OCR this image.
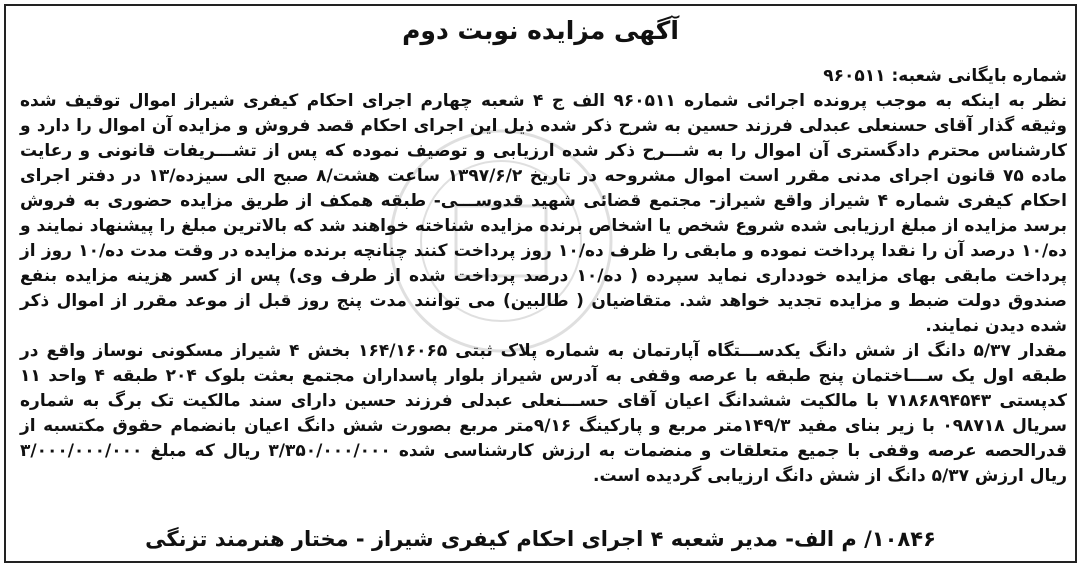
آگهی مزایده نوبت دوم

شماره بایگانی شعبه: ۹۶۰۵۱۱

نظر به اینکه به موجب پرونده اجرائی شماره ۹۶۰۵۱۱ الف ج ۴ شعبه چهارم اجرای احکام کیفری شیراز اموال توقیف شده وثیقه گذار آقای حسنعلی عبدلی فرزند حسین به شرح ذکر شده ذیل این اجرای احکام قصد فروش و مزایده آن اموال را دارد و کارشناس محترم دادگستری آن اموال را به شـــرح ذکر شده ارزیابی و توصیف نموده که پس از تشـــریفات قانونی و رعایت ماده ۷۵ قانون اجرای مدنی مقرر است اموال مشروحه در تاریخ ۱۳۹۷/۶/۲ ساعت هشت/۸ صبح الی سیزده/۱۳ در دفتر اجرای احکام کیفری شماره ۴ شیراز واقع شیراز- مجتمع قضائی شهید قدوســـی- طبقه همکف از طریق مزایده حضوری به فروش برسد مزایده از مبلغ ارزیابی شده شروع شخص یا اشخاص برنده مزایده شناخته خواهند شد که بالاترین مبلغ را پیشنهاد نمایند و ده/۱۰ درصد آن را نقدا پرداخت نموده و مابقی را ظرف ده/۱۰ روز پرداخت کنند چنانچه برنده مزایده در وقت مدت ده/۱۰ روز از پرداخت مابقی بهای مزایده خودداری نماید سپرده ( ده/۱۰ درصد پرداخت شده از طرف وی) پس از کسر هزینه مزایده بنفع صندوق دولت ضبط و مزایده تجدید خواهد شد. متقاضیان ( طالبین) می توانند مدت پنج روز قبل از موعد مقرر از اموال ذکر شده دیدن نمایند.

مقدار ۵/۳۷ دانگ از شش دانگ یکدســـتگاه آپارتمان به شماره پلاک ثبتی ۱۶۴/۱۶۰۶۵ بخش ۴ شیراز مسکونی نوساز واقع در طبقه اول یک ســـاختمان پنج طبقه با عرصه وقفی به آدرس شیراز بلوار پاسداران مجتمع بعثت بلوک ۲۰۴ طبقه ۴ واحد ۱۱ کدپستی ۷۱۸۶۸۹۴۵۴۳ با مالکیت ششدانگ اعیان آقای حســـنعلی عبدلی فرزند حسین دارای سند مالکیت تک برگ به شماره سریال ۰۹۸۷۱۸ با زیر بنای مفید ۱۴۹/۳متر مربع و پارکینگ ۹/۱۶متر مربع بصورت شش دانگ اعیان بانضمام حقوق مکتسبه از قدرالحصه عرصه وقفی با جمیع متعلقات و منضمات به ارزش کارشناسی شده ۳/۳۵۰/۰۰۰/۰۰۰ ریال که مبلغ ۳/۰۰۰/۰۰۰/۰۰۰ ریال ارزش ۵/۳۷ دانگ از شش دانگ ارزیابی گردیده است.

۱۰۸۴۶/ م الف- مدیر شعبه ۴ اجرای احکام کیفری شیراز - مختار هنرمند تزنگی
